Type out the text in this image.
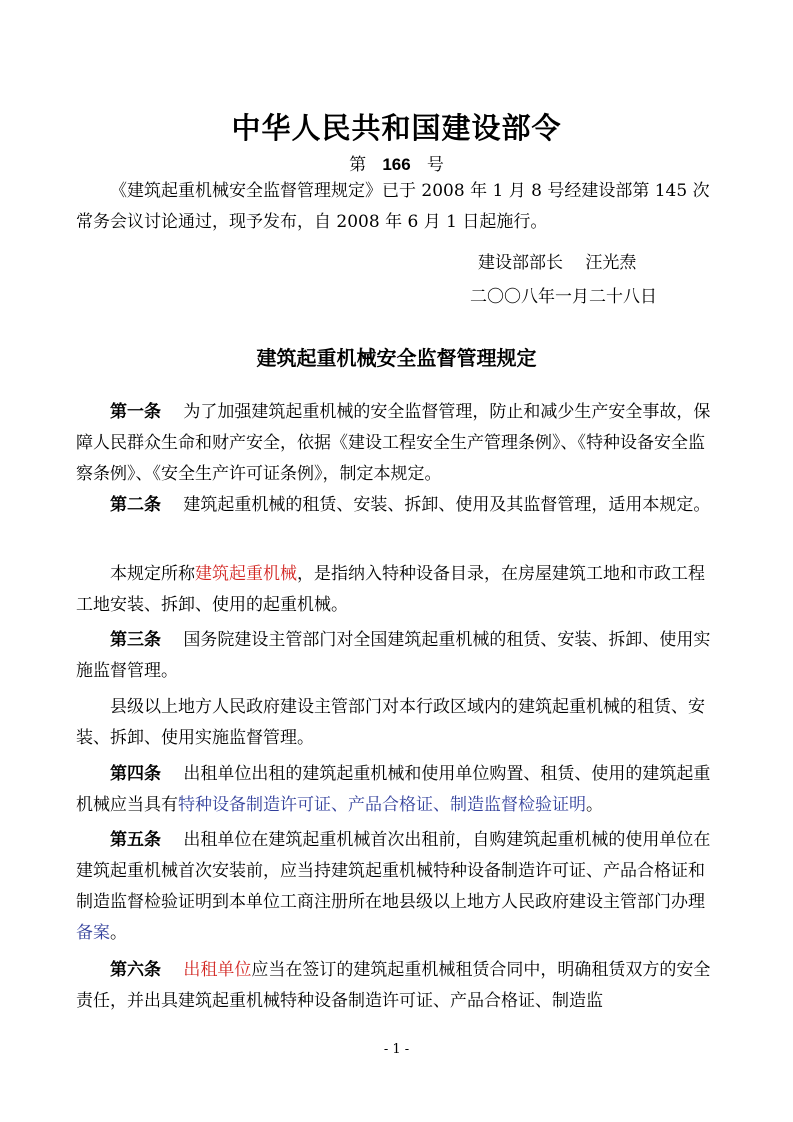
中华人民共和国建设部令
第 166 号

《建筑起重机械安全监督管理规定》已于 2008 年 1 月 8 号经建设部第 145 次常务会议讨论通过，现予发布，自 2008 年 6 月 1 日起施行。

建设部部长　 汪光焘
二〇〇八年一月二十八日
建筑起重机械安全监督管理规定

第一条　 为了加强建筑起重机械的安全监督管理，防止和减少生产安全事故，保障人民群众生命和财产安全，依据《建设工程安全生产管理条例》、《特种设备安全监察条例》、《安全生产许可证条例》，制定本规定。

第二条　 建筑起重机械的租赁、安装、拆卸、使用及其监督管理，适用本规定。

本规定所称建筑起重机械，是指纳入特种设备目录，在房屋建筑工地和市政工程工地安装、拆卸、使用的起重机械。

第三条　 国务院建设主管部门对全国建筑起重机械的租赁、安装、拆卸、使用实施监督管理。

县级以上地方人民政府建设主管部门对本行政区域内的建筑起重机械的租赁、安装、拆卸、使用实施监督管理。

第四条　 出租单位出租的建筑起重机械和使用单位购置、租赁、使用的建筑起重机械应当具有特种设备制造许可证、产品合格证、制造监督检验证明。

第五条　 出租单位在建筑起重机械首次出租前，自购建筑起重机械的使用单位在建筑起重机械首次安装前，应当持建筑起重机械特种设备制造许可证、产品合格证和制造监督检验证明到本单位工商注册所在地县级以上地方人民政府建设主管部门办理备案。

第六条　 出租单位应当在签订的建筑起重机械租赁合同中，明确租赁双方的安全责任，并出具建筑起重机械特种设备制造许可证、产品合格证、制造监

- 1 -
